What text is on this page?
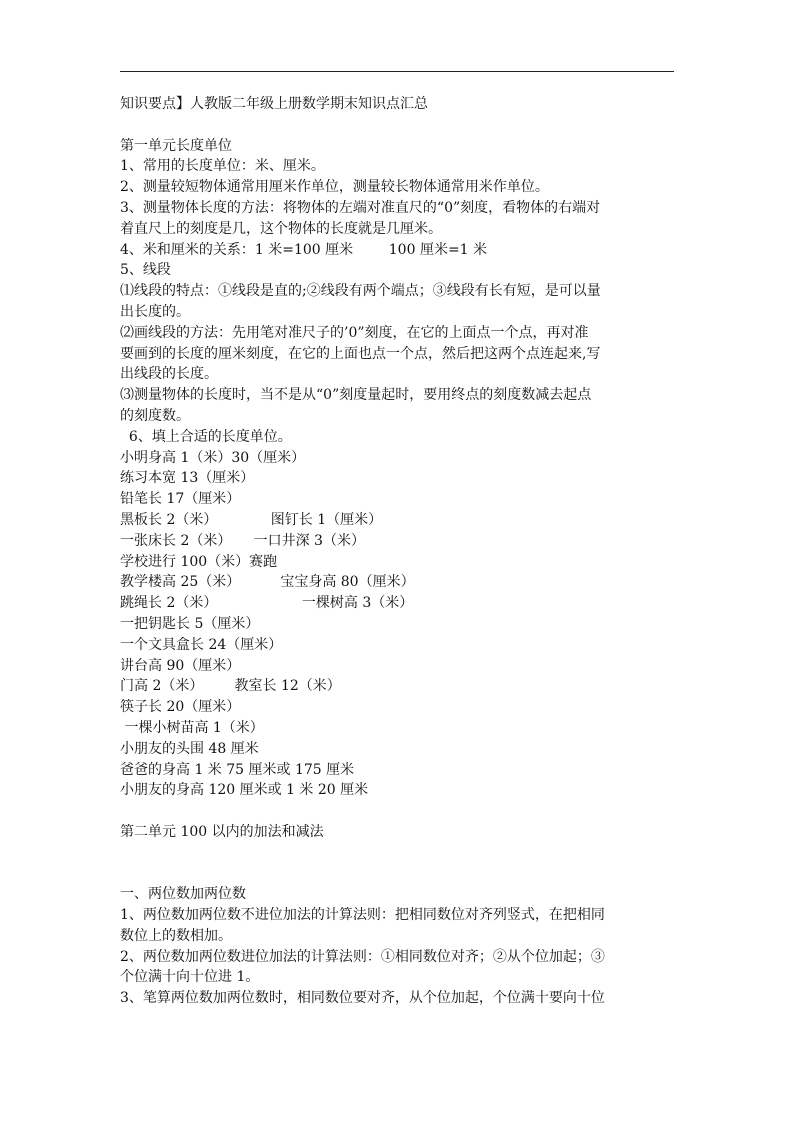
知识要点】人教版二年级上册数学期末知识点汇总
第一单元长度单位
1、常用的长度单位：米、厘米。
2、测量较短物体通常用厘米作单位，测量较长物体通常用米作单位。
3、测量物体长度的方法：将物体的左端对准直尺的“0”刻度，看物体的右端对
着直尺上的刻度是几，这个物体的长度就是几厘米。
4、米和厘米的关系：1 米=100 厘米        100 厘米=1 米
5、线段
⑴线段的特点：①线段是直的;②线段有两个端点；③线段有长有短，是可以量
出长度的。
⑵画线段的方法：先用笔对准尺子的’0”刻度，在它的上面点一个点，再对准
要画到的长度的厘米刻度，在它的上面也点一个点，然后把这两个点连起来,写
出线段的长度。
⑶测量物体的长度时，当不是从“0”刻度量起时，要用终点的刻度数减去起点
的刻度数。
6、填上合适的长度单位。
小明身高 1（米）30（厘米）
练习本宽 13（厘米）
铅笔长 17（厘米）
黑板长 2（米）            图钉长 1（厘米）
一张床长 2（米）     一口井深 3（米）
学校进行 100（米）赛跑
教学楼高 25（米）         宝宝身高 80（厘米）
跳绳长 2（米）                   一棵树高 3（米）
一把钥匙长 5（厘米）
一个文具盒长 24（厘米）
讲台高 90（厘米）
门高 2（米）       教室长 12（米）
筷子长 20（厘米）
一棵小树苗高 1（米）
小朋友的头围 48 厘米
爸爸的身高 1 米 75 厘米或 175 厘米
小朋友的身高 120 厘米或 1 米 20 厘米
第二单元 100 以内的加法和减法
一、两位数加两位数
1、两位数加两位数不进位加法的计算法则：把相同数位对齐列竖式，在把相同
数位上的数相加。
2、两位数加两位数进位加法的计算法则：①相同数位对齐；②从个位加起；③
个位满十向十位进 1。
3、笔算两位数加两位数时，相同数位要对齐，从个位加起，个位满十要向十位
